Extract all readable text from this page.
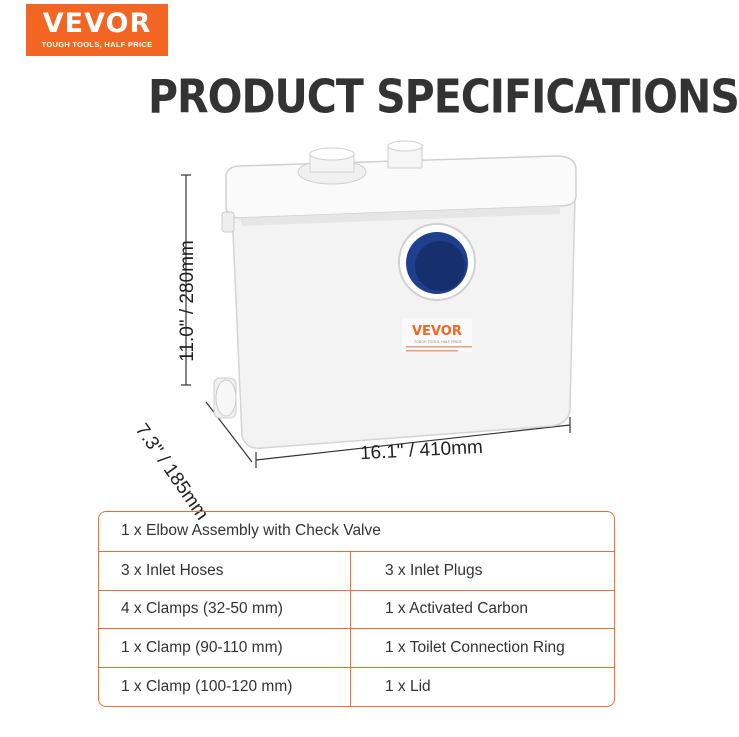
VEVOR
TOUGH TOOLS, HALF PRICE
PRODUCT SPECIFICATIONS
VEVOR
TOUGH TOOLS, HALF PRICE
11.0" / 280mm
7.3" / 185mm	16.1" / 410mm
1 x Elbow Assembly with Check Valve
3 x Inlet Hoses	3 x Inlet Plugs
4 x Clamps (32-50 mm)	1 x Activated Carbon
1 x Clamp (90-110 mm)	1 x Toilet Connection Ring
1 x Clamp (100-120 mm)	1 x Lid
